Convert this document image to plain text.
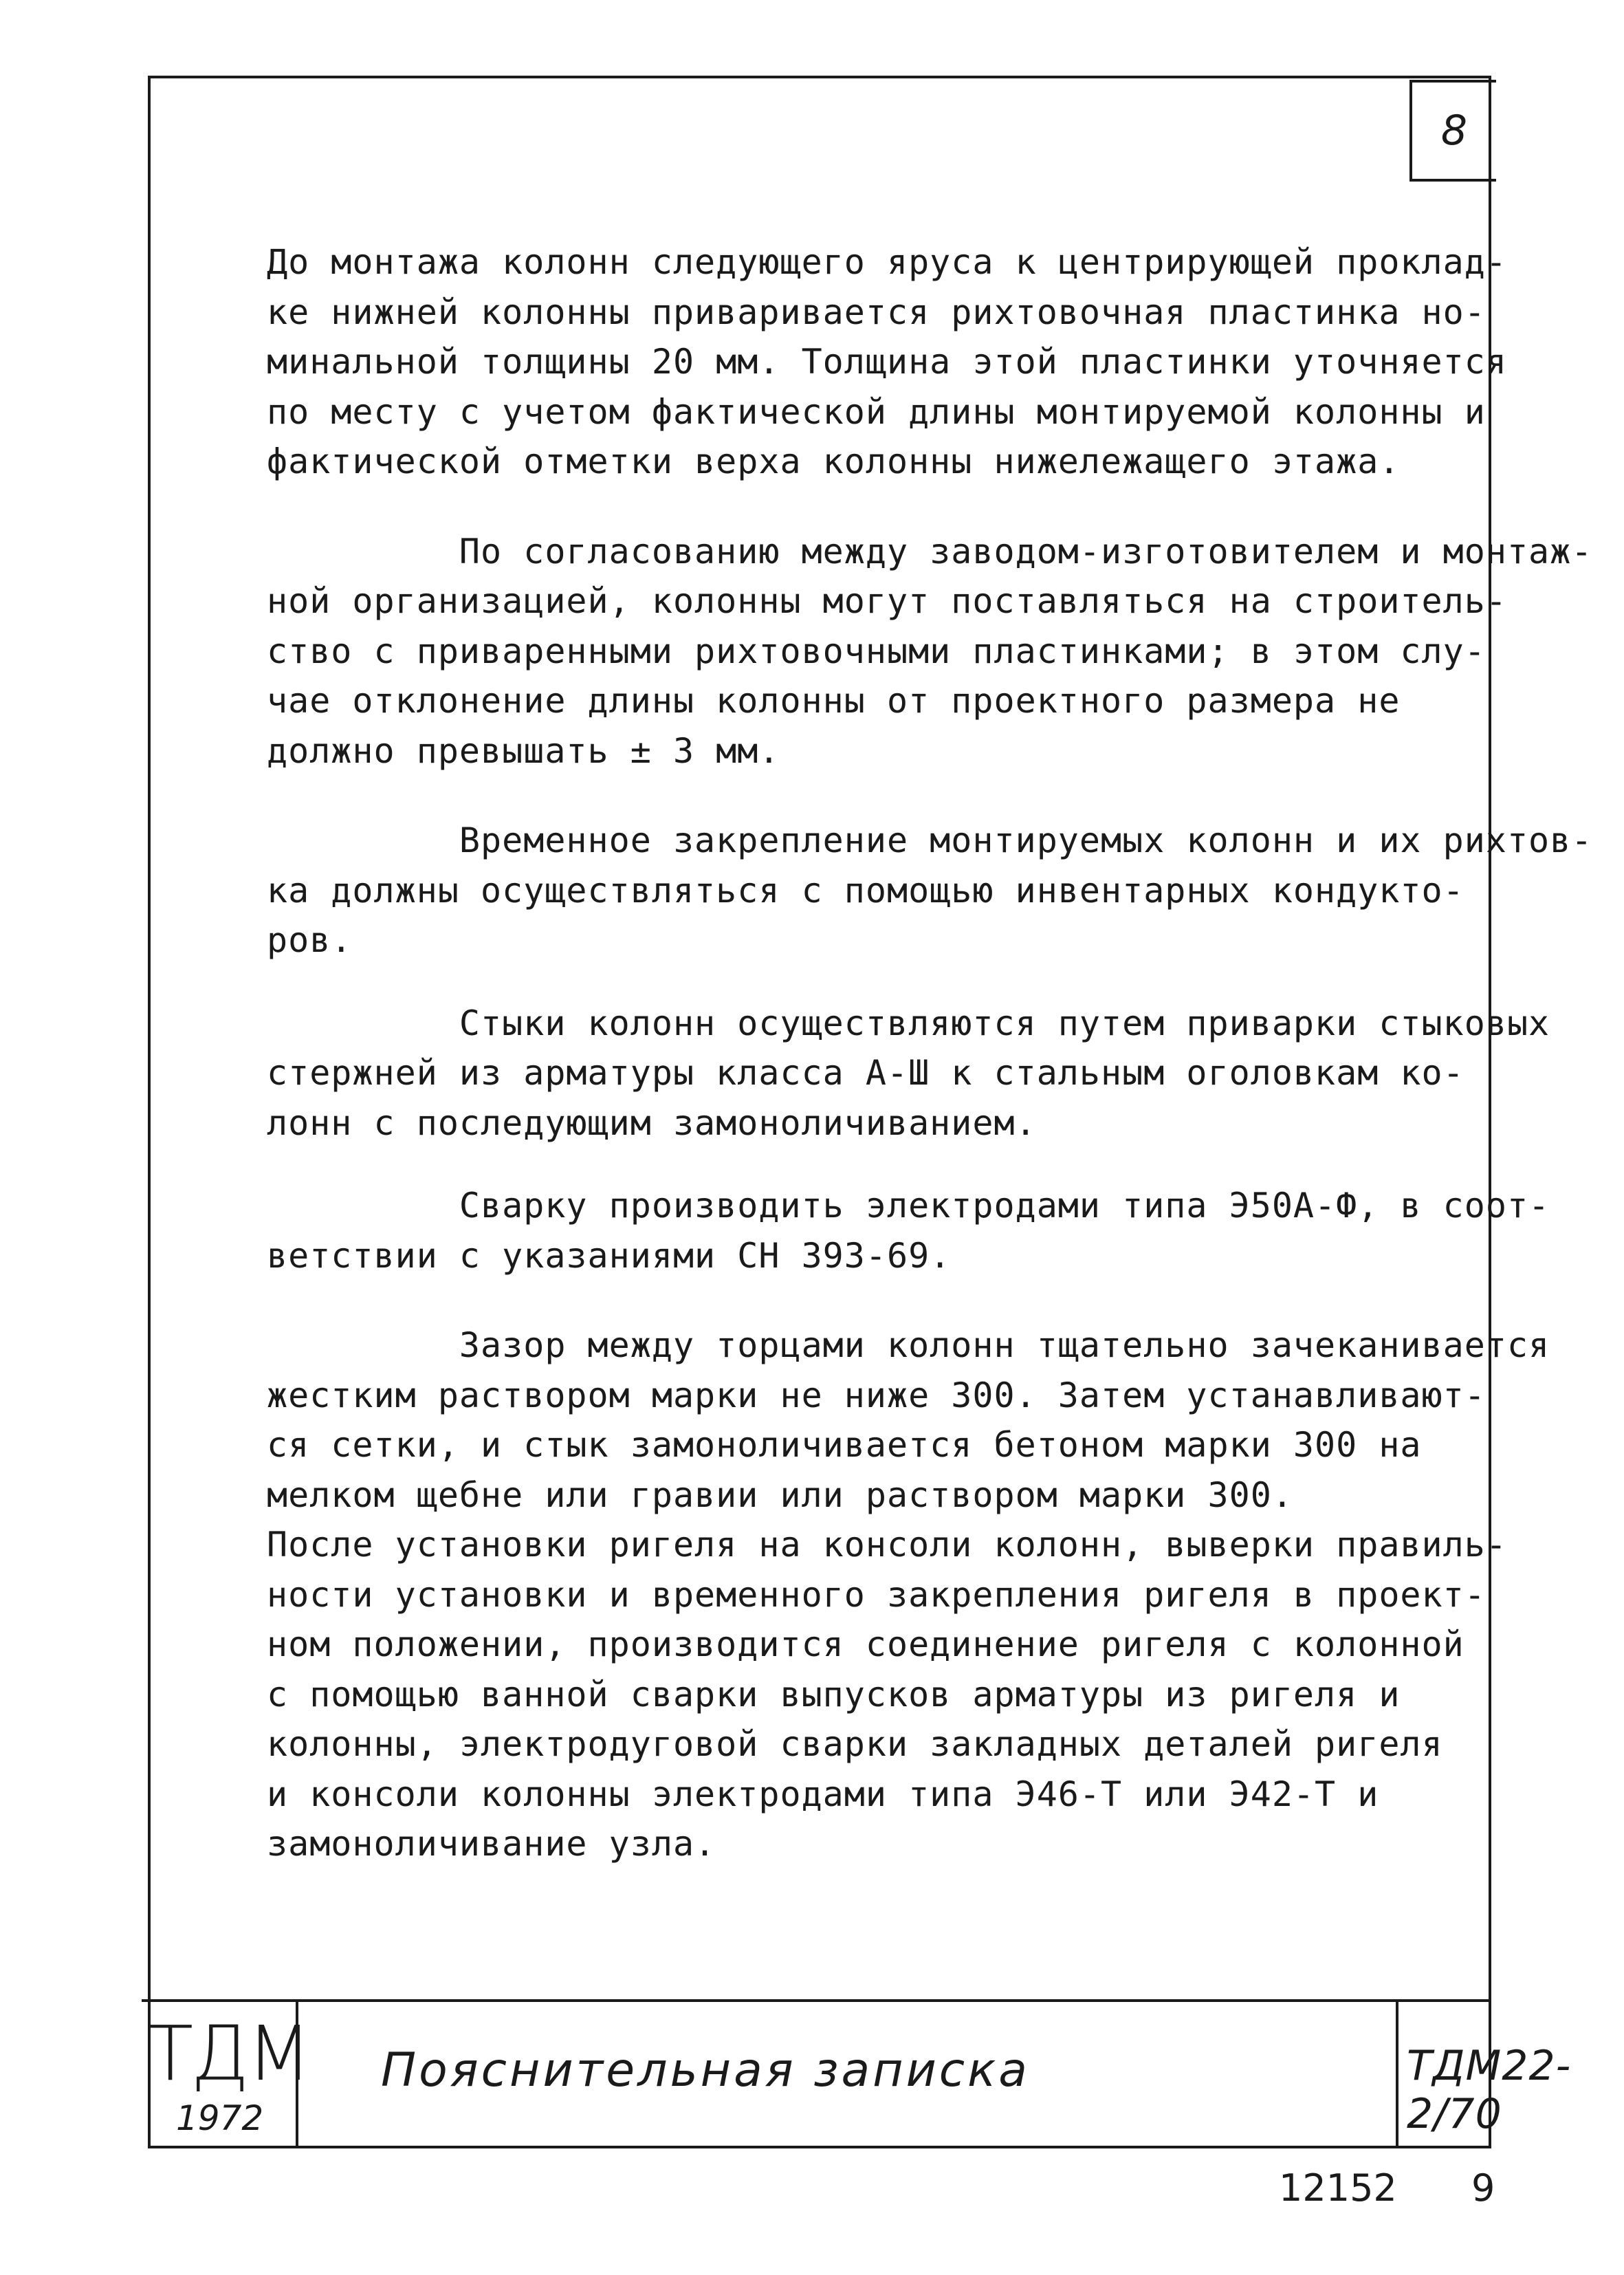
8

До монтажа колонн следующего яруса к центрирующей проклад-

ке нижней колонны приваривается рихтовочная пластинка но-

минальной толщины 20 мм. Толщина этой пластинки уточняется

по месту с учетом фактической длины монтируемой колонны и

фактической отметки верха колонны нижележащего этажа.

По согласованию между заводом-изготовителем и монтаж-

ной организацией, колонны могут поставляться на строитель-

ство с приваренными рихтовочными пластинками; в этом слу-

чае отклонение длины колонны от проектного размера не

должно превышать ± 3 мм.

Временное закрепление монтируемых колонн и их рихтов-

ка должны осуществляться с помощью инвентарных кондукто-

ров.

Стыки колонн осуществляются путем приварки стыковых

стержней из арматуры класса А-Ш к стальным оголовкам ко-

лонн с последующим замоноличиванием.

Сварку производить электродами типа Э50А-Ф, в соот-

ветствии с указаниями СН 393-69.

Зазор между торцами колонн тщательно зачеканивается

жестким раствором марки не ниже 300. Затем устанавливают-

ся сетки, и стык замоноличивается бетоном марки 300 на

мелком щебне или гравии или раствором марки 300.

После установки ригеля на консоли колонн, выверки правиль-

ности установки и временного закрепления ригеля в проект-

ном положении, производится соединение ригеля с колонной

с помощью ванной сварки выпусков арматуры из ригеля и

колонны, электродуговой сварки закладных деталей ригеля

и консоли колонны электродами типа Э46-Т или Э42-Т и

замоноличивание узла.

ТДМ
1972
Пояснительная записка	ТДМ22-2/70
12152 9
